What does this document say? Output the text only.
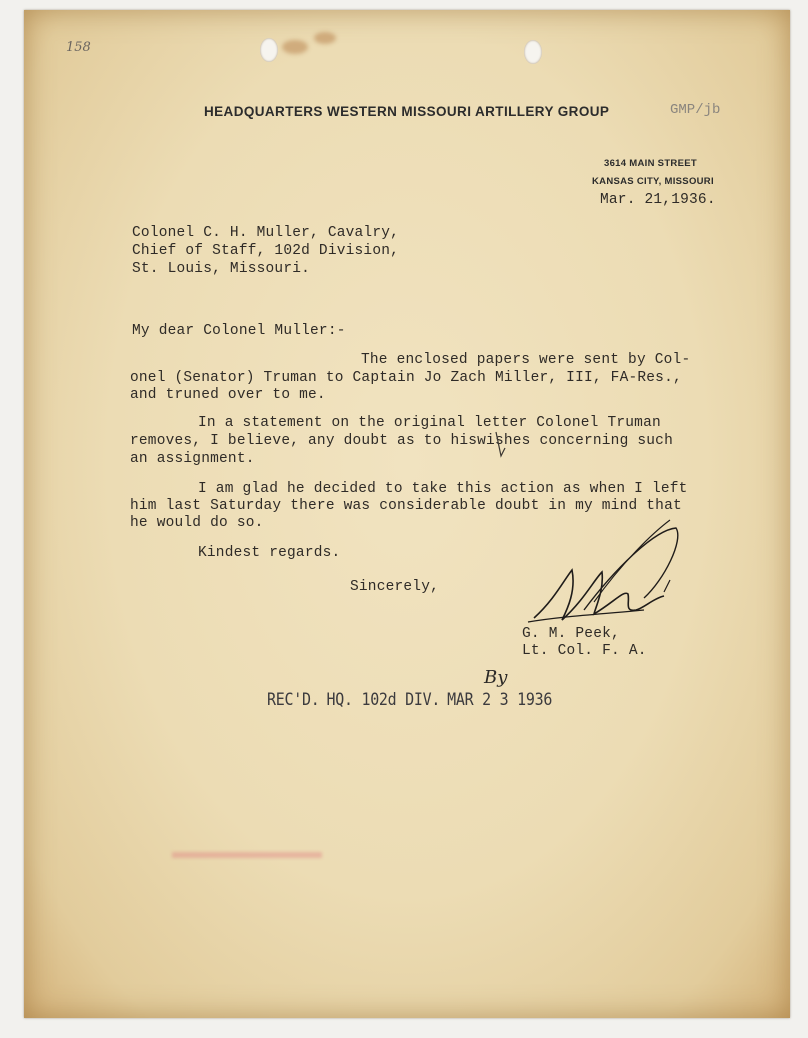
158
HEADQUARTERS WESTERN MISSOURI ARTILLERY GROUP	GMP/jb
3614 MAIN STREET
KANSAS CITY, MISSOURI
Mar. 21,1936.
Colonel C. H. Muller, Cavalry,
Chief of Staff, 102d Division,
St. Louis, Missouri.
My dear Colonel Muller:-
The enclosed papers were sent by Col-
onel (Senator) Truman to Captain Jo Zach Miller, III, FA-Res.,
and truned over to me.
In a statement on the original letter Colonel Truman
removes, I believe, any doubt as to hiswishes concerning such
an assignment.
I am glad he decided to take this action as when I left
him last Saturday there was considerable doubt in my mind that
he would do so.
Kindest regards.
Sincerely,
G. M. Peek,
Lt. Col. F. A.

REC'D. HQ. 102d DIV. MAR 2 3 1936

By
